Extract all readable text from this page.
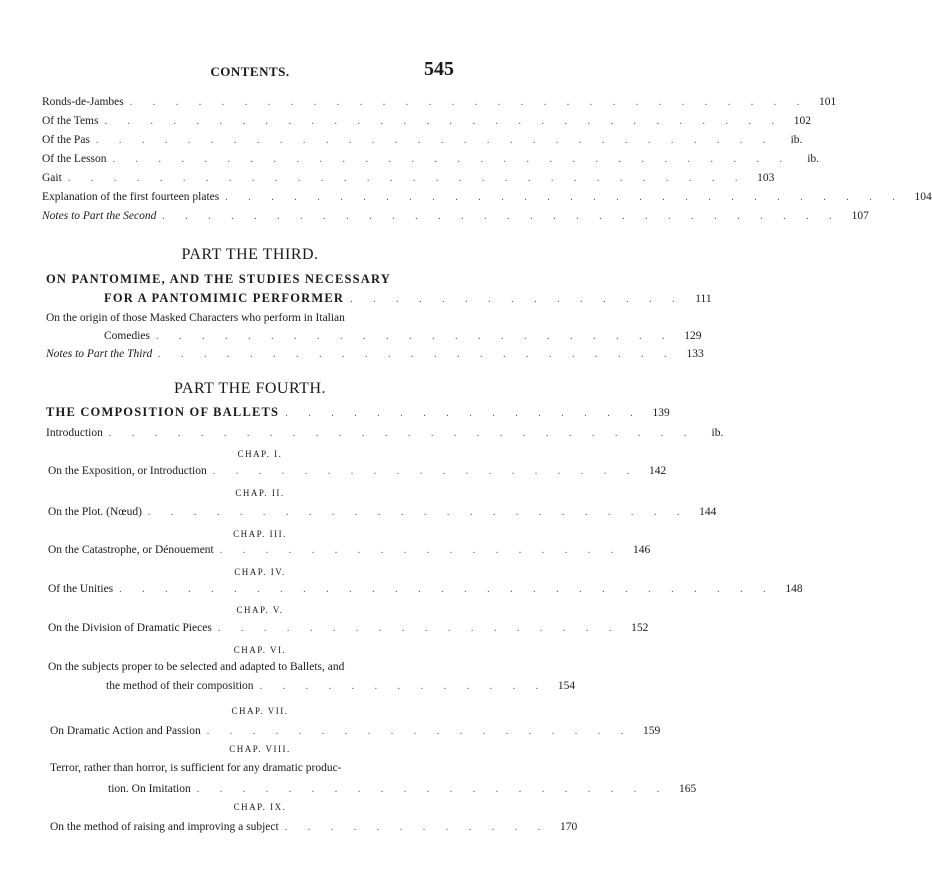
CONTENTS.	545
Ronds-de-Jambes . . . . . . . . . . . . . . . . . . . . . . . . . . . . . . 101
Of the Tems . . . . . . . . . . . . . . . . . . . . . . . . . . . . . . 102
Of the Pas . . . . . . . . . . . . . . . . . . . . . . . . . . . . . .	ib.
Of the Lesson . . . . . . . . . . . . . . . . . . . . . . . . . . . . . .	ib.
Gait . . . . . . . . . . . . . . . . . . . . . . . . . . . . . . 103
Explanation of the first fourteen plates . . . . . . . . . . . . . . . . . . . . . . . . . . . . . . 104
Notes to Part the Second . . . . . . . . . . . . . . . . . . . . . . . . . . . . . . 107
PART THE THIRD.
ON PANTOMIME, AND THE STUDIES NECESSARY
FOR A PANTOMIMIC PERFORMER . . . . . . . . . . . . . . .	111
On the origin of those Masked Characters who perform in Italian
Comedies . . . . . . . . . . . . . . . . . . . . . . . 129
Notes to Part the Third . . . . . . . . . . . . . . . . . . . . . . . 133
PART THE FOURTH.
THE COMPOSITION OF BALLETS . . . . . . . . . . . . . . . . 139
Introduction . . . . . . . . . . . . . . . . . . . . . . . . . .	ib.
CHAP. I.
On the Exposition, or Introduction . . . . . . . . . . . . . . . . . . . 142
CHAP. II.
On the Plot. (Nœud) . . . . . . . . . . . . . . . . . . . . . . . . 144
CHAP. III.
On the Catastrophe, or Dénouement . . . . . . . . . . . . . . . . . . 146
CHAP. IV.
Of the Unities . . . . . . . . . . . . . . . . . . . . . . . . . . . . . 148
CHAP. V.
On the Division of Dramatic Pieces . . . . . . . . . . . . . . . . . . 152
CHAP. VI.
On the subjects proper to be selected and adapted to Ballets, and
the method of their composition . . . . . . . . . . . . . 154
CHAP. VII.
On Dramatic Action and Passion . . . . . . . . . . . . . . . . . . . 159
CHAP. VIII.
Terror, rather than horror, is sufficient for any dramatic produc-
tion. On Imitation . . . . . . . . . . . . . . . . . . . . . 165
CHAP. IX.
On the method of raising and improving a subject . . . . . . . . . . . . 170
